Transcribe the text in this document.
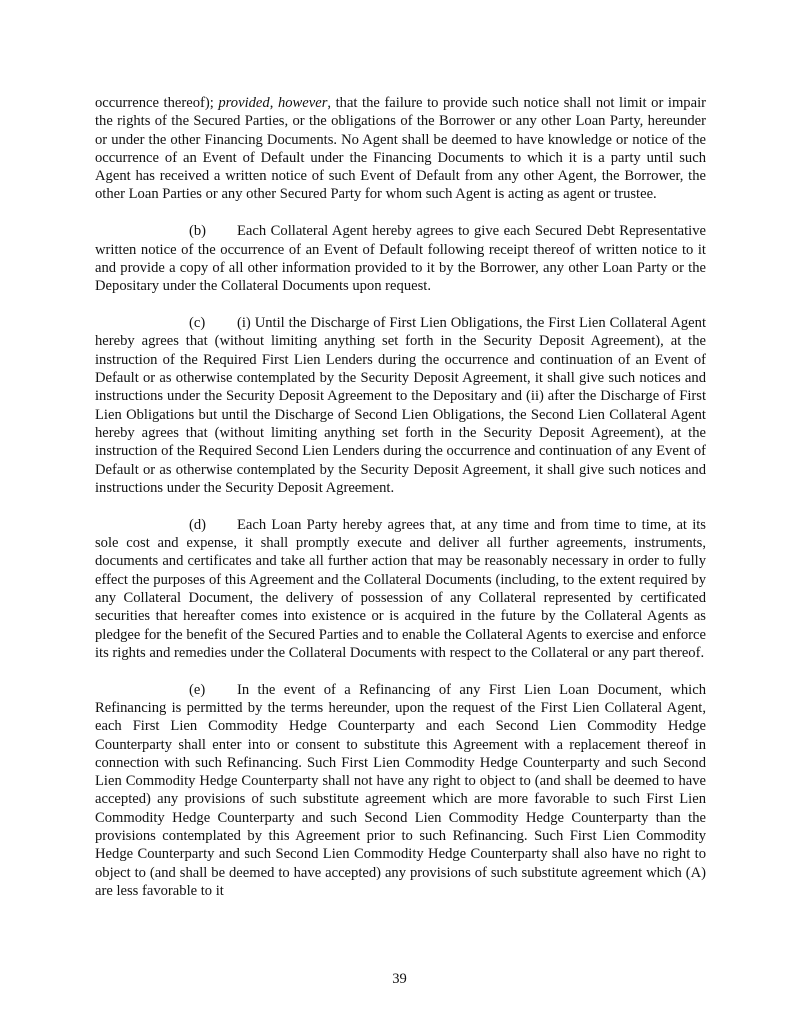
occurrence thereof); provided, however, that the failure to provide such notice shall not limit or impair the rights of the Secured Parties, or the obligations of the Borrower or any other Loan Party, hereunder or under the other Financing Documents. No Agent shall be deemed to have knowledge or notice of the occurrence of an Event of Default under the Financing Documents to which it is a party until such Agent has received a written notice of such Event of Default from any other Agent, the Borrower, the other Loan Parties or any other Secured Party for whom such Agent is acting as agent or trustee.

(b) Each Collateral Agent hereby agrees to give each Secured Debt Representative written notice of the occurrence of an Event of Default following receipt thereof of written notice to it and provide a copy of all other information provided to it by the Borrower, any other Loan Party or the Depositary under the Collateral Documents upon request.

(c) (i) Until the Discharge of First Lien Obligations, the First Lien Collateral Agent hereby agrees that (without limiting anything set forth in the Security Deposit Agreement), at the instruction of the Required First Lien Lenders during the occurrence and continuation of an Event of Default or as otherwise contemplated by the Security Deposit Agreement, it shall give such notices and instructions under the Security Deposit Agreement to the Depositary and (ii) after the Discharge of First Lien Obligations but until the Discharge of Second Lien Obligations, the Second Lien Collateral Agent hereby agrees that (without limiting anything set forth in the Security Deposit Agreement), at the instruction of the Required Second Lien Lenders during the occurrence and continuation of any Event of Default or as otherwise contemplated by the Security Deposit Agreement, it shall give such notices and instructions under the Security Deposit Agreement.

(d) Each Loan Party hereby agrees that, at any time and from time to time, at its sole cost and expense, it shall promptly execute and deliver all further agreements, instruments, documents and certificates and take all further action that may be reasonably necessary in order to fully effect the purposes of this Agreement and the Collateral Documents (including, to the extent required by any Collateral Document, the delivery of possession of any Collateral represented by certificated securities that hereafter comes into existence or is acquired in the future by the Collateral Agents as pledgee for the benefit of the Secured Parties and to enable the Collateral Agents to exercise and enforce its rights and remedies under the Collateral Documents with respect to the Collateral or any part thereof.

(e) In the event of a Refinancing of any First Lien Loan Document, which Refinancing is permitted by the terms hereunder, upon the request of the First Lien Collateral Agent, each First Lien Commodity Hedge Counterparty and each Second Lien Commodity Hedge Counterparty shall enter into or consent to substitute this Agreement with a replacement thereof in connection with such Refinancing. Such First Lien Commodity Hedge Counterparty and such Second Lien Commodity Hedge Counterparty shall not have any right to object to (and shall be deemed to have accepted) any provisions of such substitute agreement which are more favorable to such First Lien Commodity Hedge Counterparty and such Second Lien Commodity Hedge Counterparty than the provisions contemplated by this Agreement prior to such Refinancing. Such First Lien Commodity Hedge Counterparty and such Second Lien Commodity Hedge Counterparty shall also have no right to object to (and shall be deemed to have accepted) any provisions of such substitute agreement which (A) are less favorable to it

39
